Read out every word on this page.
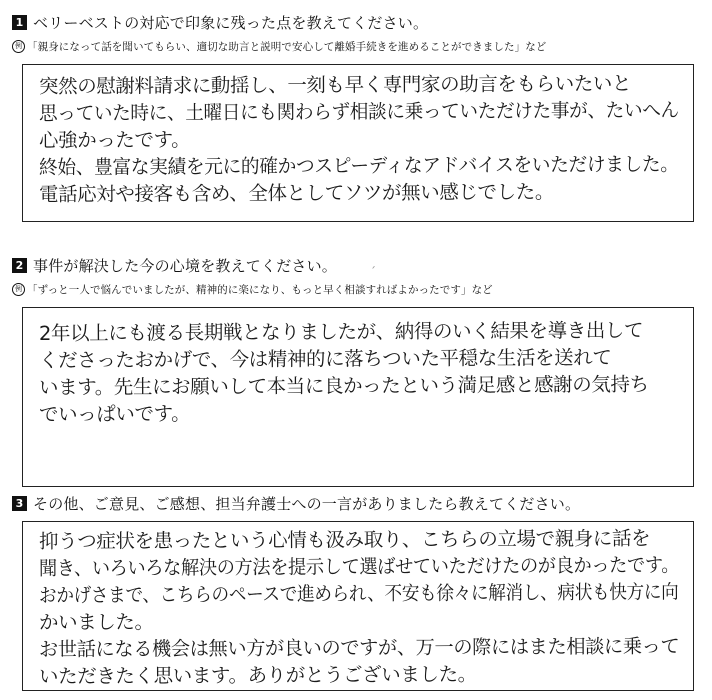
1 ベリーベストの対応で印象に残った点を教えてください。
例 「親身になって話を聞いてもらい、適切な助言と説明で安心して離婚手続きを進めることができました」など

突然の慰謝料請求に動揺し、一刻も早く専門家の助言をもらいたいと

思っていた時に、土曜日にも関わらず相談に乗っていただけた事が、たいへん

心強かったです。

終始、豊富な実績を元に的確かつスピーディなアドバイスをいただけました。

電話応対や接客も含め、全体としてソツが無い感じでした。

2 事件が解決した今の心境を教えてください。	ˊ
例 「ずっと一人で悩んでいましたが、精神的に楽になり、もっと早く相談すればよかったです」など

2年以上にも渡る長期戦となりましたが、納得のいく結果を導き出して

くださったおかげで、今は精神的に落ちついた平穏な生活を送れて

います。先生にお願いして本当に良かったという満足感と感謝の気持ち

でいっぱいです。

3 その他、ご意見、ご感想、担当弁護士への一言がありましたら教えてください。

抑うつ症状を患ったという心情も汲み取り、こちらの立場で親身に話を

聞き、いろいろな解決の方法を提示して選ばせていただけたのが良かったです。

おかげさまで、こちらのペースで進められ、不安も徐々に解消し、病状も快方に向

かいました。

お世話になる機会は無い方が良いのですが、万一の際にはまた相談に乗って

いただきたく思います。ありがとうございました。
